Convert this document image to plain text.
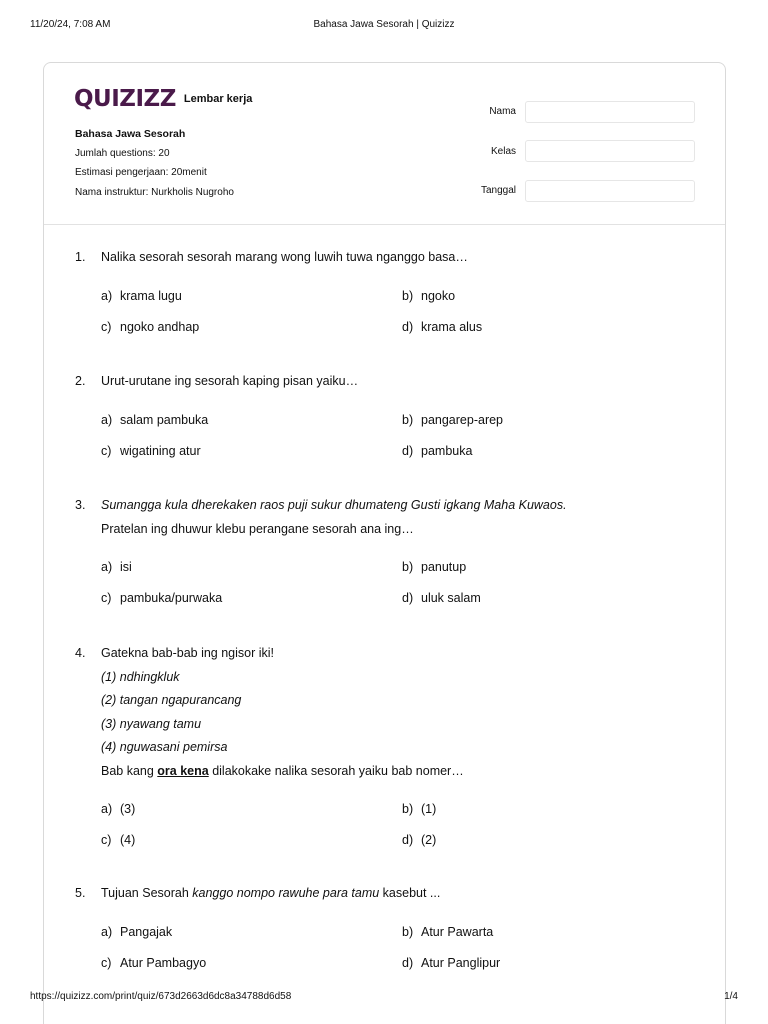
11/20/24, 7:08 AM	Bahasa Jawa Sesorah | Quizizz
QUIZIZZ Lembar kerja
Bahasa Jawa Sesorah
Jumlah questions: 20
Estimasi pengerjaan: 20menit
Nama instruktur: Nurkholis Nugroho
Nama
Kelas
Tanggal
1. Nalika sesorah sesorah marang wong luwih tuwa nganggo basa…
a) krama lugu	b) ngoko
c) ngoko andhap	d) krama alus
2. Urut-urutane ing sesorah kaping pisan yaiku…
a) salam pambuka	b) pangarep-arep
c) wigatining atur	d) pambuka
3. Sumangga kula dherekaken raos puji sukur dhumateng Gusti igkang Maha Kuwaos.
Pratelan ing dhuwur klebu perangane sesorah ana ing…
a) isi	b) panutup
c) pambuka/purwaka	d) uluk salam
4. Gatekna bab-bab ing ngisor iki!
(1) ndhingkluk
(2) tangan ngapurancang
(3) nyawang tamu
(4) nguwasani pemirsa
Bab kang ora kena dilakokake nalika sesorah yaiku bab nomer…
a) (3)	b) (1)
c) (4)	d) (2)
5. Tujuan Sesorah kanggo nompo rawuhe para tamu kasebut ...
a) Pangajak	b) Atur Pawarta
c) Atur Pambagyo	d) Atur Panglipur
https://quizizz.com/print/quiz/673d2663d6dc8a34788d6d58	1/4
